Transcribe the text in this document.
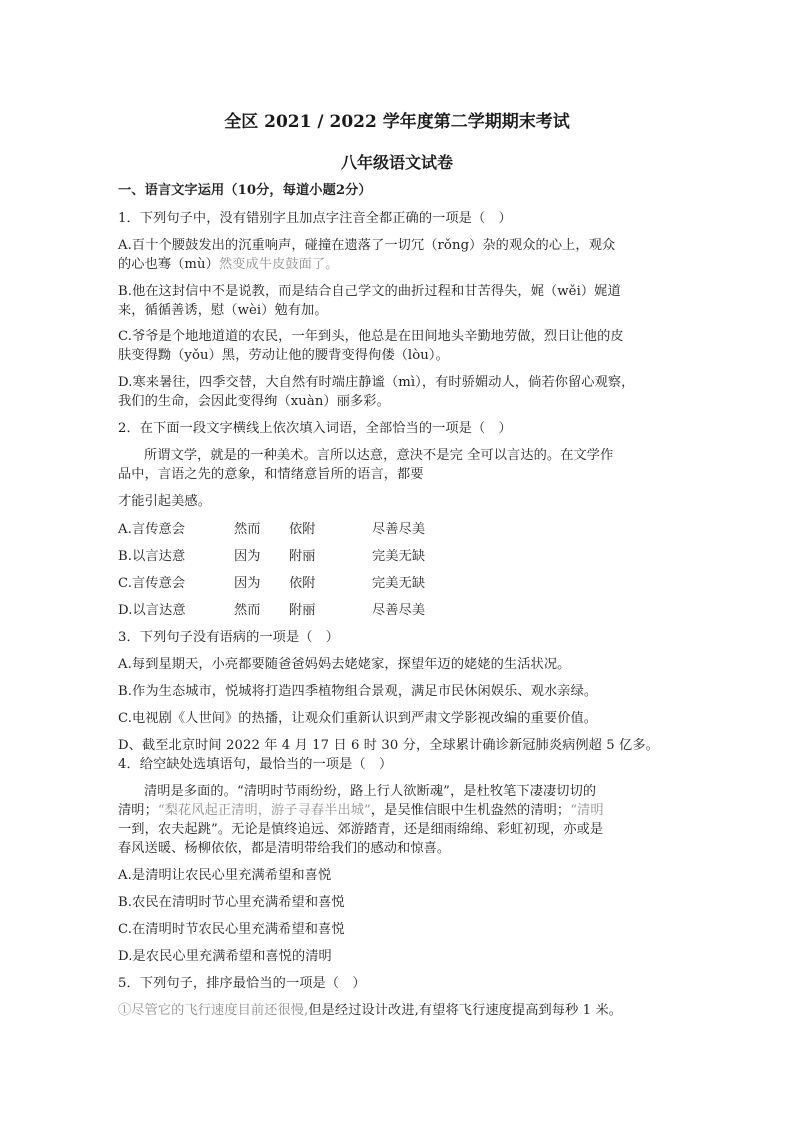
全区 2021 / 2022 学年度第二学期期末考试
八年级语文试卷
一、语言文字运用（10分，每道小题2分）
1．下列句子中，没有错别字且加点字注音全都正确的一项是（　）
A.百十个腰鼓发出的沉重响声，碰撞在遗落了一切冗（rǒng）杂的观众的心上，观众
的心也骞（mù）然变成牛皮鼓面了。
B.他在这封信中不是说教，而是结合自己学文的曲折过程和甘苦得失，娓（wěi）娓道
来，循循善诱，慰（wèi）勉有加。
C.爷爷是个地地道道的农民，一年到头，他总是在田间地头辛勤地劳做，烈日让他的皮
肤变得黝（yǒu）黑，劳动让他的腰背变得佝偻（lòu）。
D.寒来暑往，四季交替，大自然有时端庄静谧（mì），有时骄媚动人，倘若你留心观察，
我们的生命，会因此变得绚（xuàn）丽多彩。
2．在下面一段文字横线上依次填入词语，全部恰当的一项是（　）
所谓文学，就是的一种美术。言所以达意，意決不是完 全可以言达的。在文学作
品中，言语之先的意象，和情绪意旨所的语言，都要
才能引起美感。
A.言传意会	然而 依附	尽善尽美
B.以言达意	因为 附丽	完美无缺
C.言传意会	因为 依附	完美无缺
D.以言达意	然而 附丽	尽善尽美
3．下列句子没有语病的一项是（　）
A.每到星期天，小亮都要随爸爸妈妈去姥姥家，探望年迈的姥姥的生活状况。
B.作为生态城市，悦城将打造四季植物组合景观，满足市民休闲娱乐、观水亲绿。
C.电视剧《人世间》的热播，让观众们重新认识到严肃文学影视改编的重要价值。
D、截至北京时间 2022 年 4 月 17 日 6 时 30 分，全球累计确诊新冠肺炎病例超 5 亿多。
4．给空缺处选填语句，最恰当的一项是（　）
清明是多面的。“清明时节雨纷纷，路上行人欲断魂”，是杜牧笔下凄凄切切的
清明；“梨花风起正清明，游子寻春半出城”，是吴惟信眼中生机盎然的清明；“清明
一到，农夫起跳”。无论是慎终追远、郊游踏青，还是细雨绵绵、彩虹初现，亦或是
春风送暖、杨柳依依，都是清明带给我们的感动和惊喜。
A.是清明让农民心里充满希望和喜悦
B.农民在清明时节心里充满希望和喜悦
C.在清明时节农民心里充满希望和喜悦
D.是农民心里充满希望和喜悦的清明
5．下列句子，排序最恰当的一项是（　）
①尽管它的飞行速度目前还很慢,但是经过设计改进,有望将飞行速度提高到每秒 1 米。
